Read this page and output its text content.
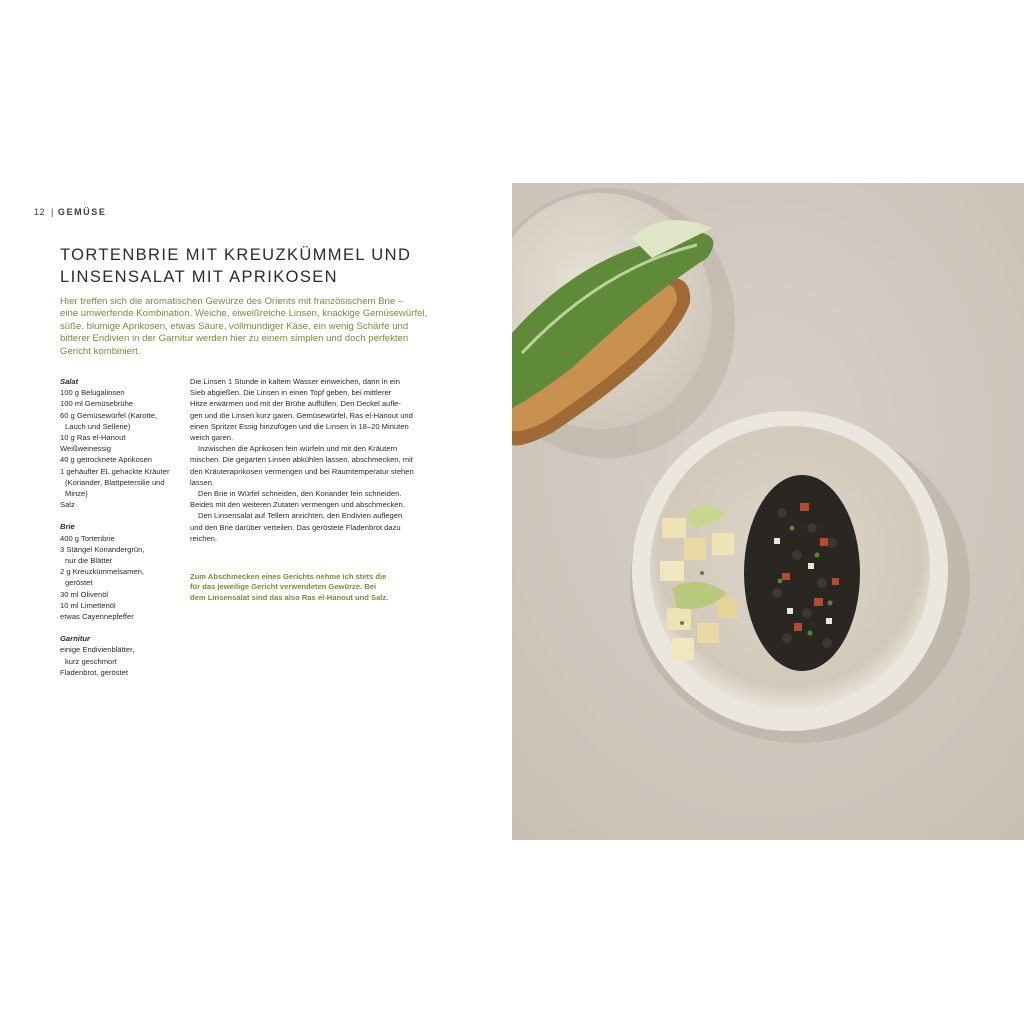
12 | GEMÜSE
TORTENBRIE MIT KREUZKÜMMEL UND
LINSENSALAT MIT APRIKOSEN
Hier treffen sich die aromatischen Gewürze des Orients mit französischem Brie –
eine umwerfende Kombination. Weiche, eiweißreiche Linsen, knackige Gemüsewürfel,
süße, blumige Aprikosen, etwas Säure, vollmundiger Käse, ein wenig Schärfe und
bitterer Endivien in der Garnitur werden hier zu einem simplen und doch perfekten
Gericht kombiniert.
Salat
100 g Belugalinsen
100 ml Gemüsebrühe
60 g Gemüsewürfel (Karotte,
Lauch und Sellerie)
10 g Ras el-Hanout
Weißweinessig
40 g getrocknete Aprikosen
1 gehäufter EL gehackte Kräuter
(Koriander, Blattpetersilie und
Minze)
Salz
Brie
400 g Tortenbrie
3 Stängel Koriandergrün,
nur die Blätter
2 g Kreuzkümmelsamen,
geröstet
30 ml Olivenöl
10 ml Limettenöl
etwas Cayennepfeffer
Garnitur
einige Endivienblätter,
kurz geschmort
Fladenbrot, geröstet
Die Linsen 1 Stunde in kaltem Wasser einweichen, dann in ein
Sieb abgießen. Die Linsen in einen Topf geben, bei mittlerer
Hitze erwärmen und mit der Brühe auffüllen. Den Deckel aufle-
gen und die Linsen kurz garen. Gemüsewürfel, Ras el-Hanout und
einen Spritzer Essig hinzufügen und die Linsen in 18–20 Minuten
weich garen.
Inzwischen die Aprikosen fein würfeln und mit den Kräutern
mischen. Die gegarten Linsen abkühlen lassen, abschmecken, mit
den Kräuteraprikosen vermengen und bei Raumtemperatur stehen
lassen.
Den Brie in Würfel schneiden, den Koriander fein schneiden.
Beides mit den weiteren Zutaten vermengen und abschmecken.
Den Linsensalat auf Tellern anrichten, den Endivien auflegen
und den Brie darüber verteilen. Das geröstete Fladenbrot dazu
reichen.
Zum Abschmecken eines Gerichts nehme ich stets die
für das jeweilige Gericht verwendeten Gewürze. Bei
dem Linsensalat sind das also Ras el-Hanout und Salz.
